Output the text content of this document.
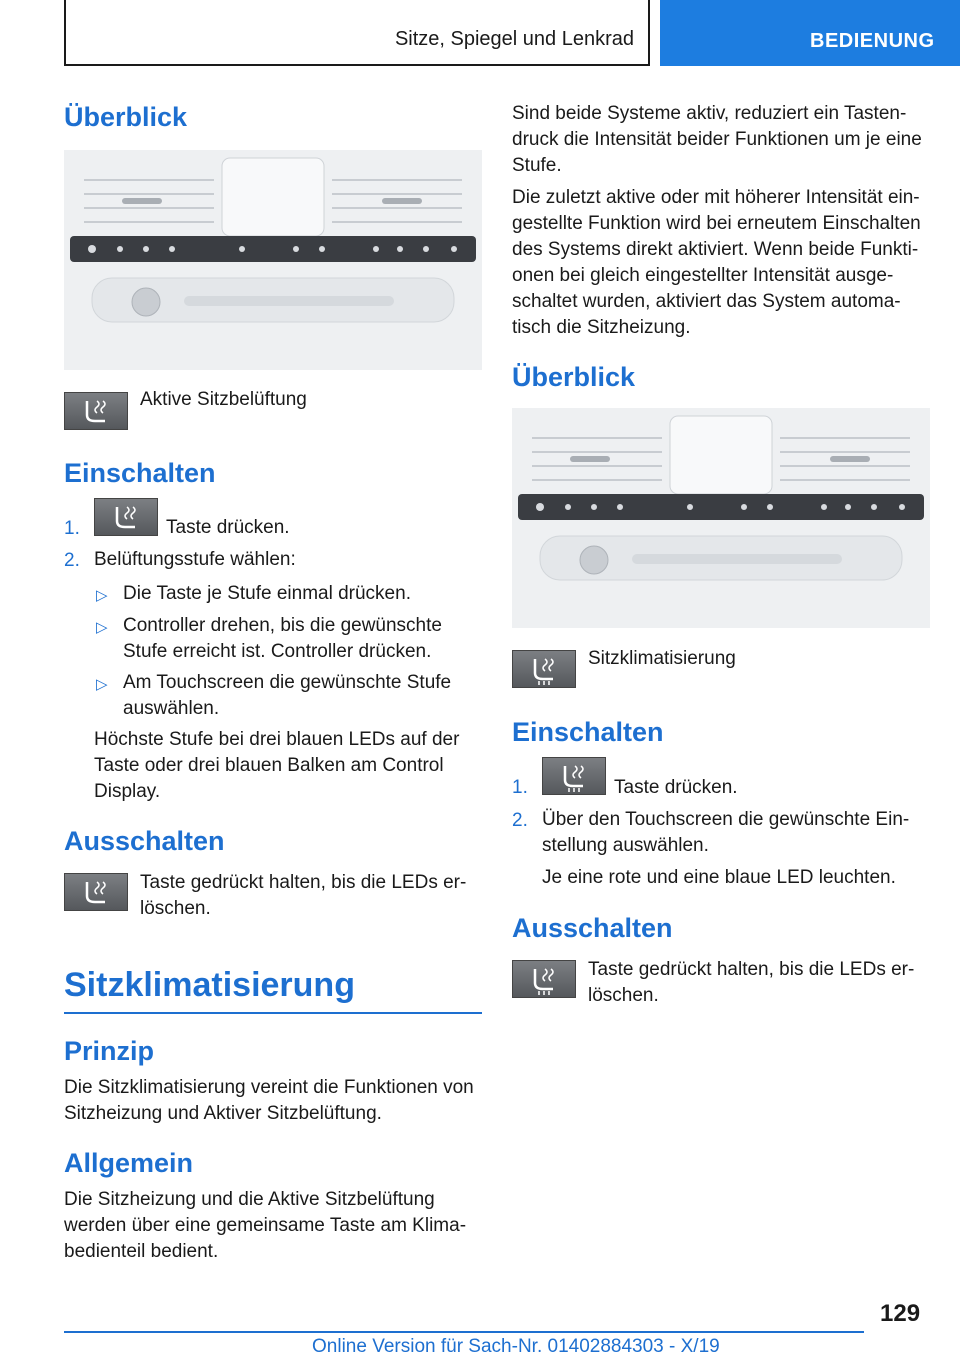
Sitze, Spiegel und Lenkrad	BEDIENUNG
Überblick
Aktive Sitzbelüftung
Einschalten
1.	Taste drücken.
2. Belüftungsstufe wählen:
▷ Die Taste je Stufe einmal drücken.
▷ Controller drehen, bis die gewünschte
Stufe erreicht ist. Controller drücken.
▷ Am Touchscreen die gewünschte Stufe
auswählen.
Höchste Stufe bei drei blauen LEDs auf der
Taste oder drei blauen Balken am Control
Display.
Ausschalten
Taste gedrückt halten, bis die LEDs er-
löschen.
Sitzklimatisierung
Prinzip
Die Sitzklimatisierung vereint die Funktionen von
Sitzheizung und Aktiver Sitzbelüftung.
Allgemein
Die Sitzheizung und die Aktive Sitzbelüftung
werden über eine gemeinsame Taste am Klima-
bedienteil bedient.
Sind beide Systeme aktiv, reduziert ein Tasten-
druck die Intensität beider Funktionen um je eine
Stufe.
Die zuletzt aktive oder mit höherer Intensität ein-
gestellte Funktion wird bei erneutem Einschalten
des Systems direkt aktiviert. Wenn beide Funkti-
onen bei gleich eingestellter Intensität ausge-
schaltet wurden, aktiviert das System automa-
tisch die Sitzheizung.
Überblick
Sitzklimatisierung
Einschalten
1.	Taste drücken.
2. Über den Touchscreen die gewünschte Ein-
stellung auswählen.
Je eine rote und eine blaue LED leuchten.
Ausschalten
Taste gedrückt halten, bis die LEDs er-
löschen.
129
Online Version für Sach-Nr. 01402884303 - X/19
